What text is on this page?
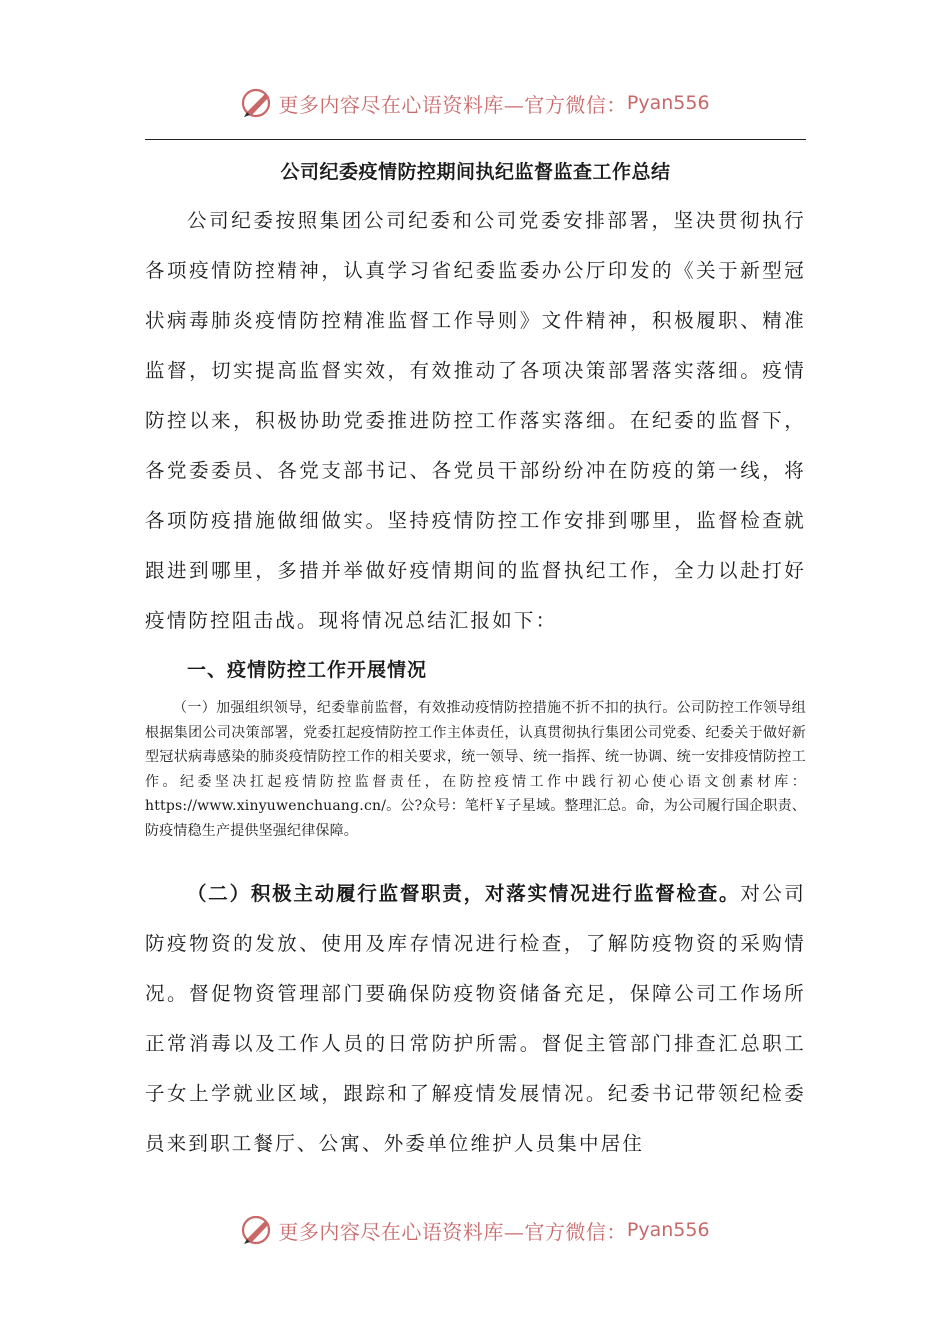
更多内容尽在心语资料库—官方微信： Pyan556
公司纪委疫情防控期间执纪监督监查工作总结
公司纪委按照集团公司纪委和公司党委安排部署，坚决贯彻执行各项疫情防控精神，认真学习省纪委监委办公厅印发的《关于新型冠状病毒肺炎疫情防控精准监督工作导则》文件精神，积极履职、精准监督，切实提高监督实效，有效推动了各项决策部署落实落细。疫情防控以来，积极协助党委推进防控工作落实落细。在纪委的监督下，各党委委员、各党支部书记、各党员干部纷纷冲在防疫的第一线，将各项防疫措施做细做实。坚持疫情防控工作安排到哪里，监督检查就跟进到哪里，多措并举做好疫情期间的监督执纪工作，全力以赴打好疫情防控阻击战。现将情况总结汇报如下：
一、疫情防控工作开展情况
（一）加强组织领导，纪委靠前监督，有效推动疫情防控措施不折不扣的执行。公司防控工作领导组根据集团公司决策部署，党委扛起疫情防控工作主体责任，认真贯彻执行集团公司党委、纪委关于做好新型冠状病毒感染的肺炎疫情防控工作的相关要求，统一领导、统一指挥、统一协调、统一安排疫情防控工作。纪委坚决扛起疫情防控监督责任，在防控疫情工作中践行初心使心语文创素材库：https://www.xinyuwenchuang.cn/。公?众号：笔杆￥子星域。整理汇总。命，为公司履行国企职责、防疫情稳生产提供坚强纪律保障。
（二）积极主动履行监督职责，对落实情况进行监督检查。对公司防疫物资的发放、使用及库存情况进行检查，了解防疫物资的采购情况。督促物资管理部门要确保防疫物资储备充足，保障公司工作场所正常消毒以及工作人员的日常防护所需。督促主管部门排查汇总职工子女上学就业区域，跟踪和了解疫情发展情况。纪委书记带领纪检委员来到职工餐厅、公寓、外委单位维护人员集中居住
更多内容尽在心语资料库—官方微信： Pyan556
